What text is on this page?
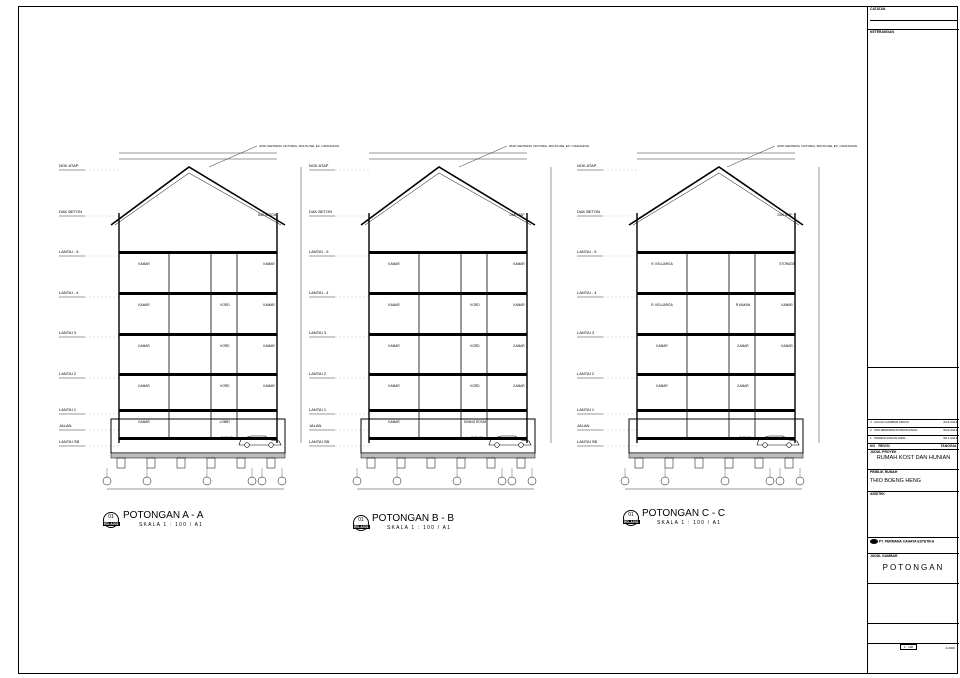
NOK ATAP
DAK BETON
LANTAI - 5
LANTAI - 4
LANTAI 3
LANTAI 2
LANTAI 1
JALAN
LANTAI SB
ATAP GENTENG VICTORIA, MULTILINE, EX. CISANGKAN
KAMAR	KAMAR
KAMAR	KORD	KAMAR
KAMAR	KORD	KAMAR
KAMAR	KORD	KAMAR
KAMAR	LOBBY
DAK BETON
PARKIR
NOK ATAP
DAK BETON
LANTAI - 5
LANTAI - 4
LANTAI 3
LANTAI 2
LANTAI 1
JALAN
LANTAI SB
ATAP GENTENG VICTORIA, MULTILINE, EX. CISANGKAN
KAMAR	KAMAR
KAMAR	KORD	KAMAR
KAMAR	KORD	KAMAR
KAMAR	KORD	KAMAR
KAMAR	DINING ROOM
DAK ATAP
PARKIR
NOK ATAP
DAK BETON
LANTAI - 5
LANTAI - 4
LANTAI 3
LANTAI 2
LANTAI 1
JALAN
LANTAI SB
ATAP GENTENG VICTORIA, MULTILINE, EX. CISANGKAN
R. KELUARGA	STORAGE
R. KELUARGA	R.MAKAN	KAMAR
KAMAR	KAMAR	KAMAR
KAMAR	KAMAR
DAK ATAP
PARKIR
01
RD-A301
POTONGAN A - A
SKALA 1 : 100 / A1
01
RD-A301
POTONGAN B - B
SKALA 1 : 100 / A1
01
RD-A301
POTONGAN C - C
SKALA 1 : 100 / A1
CATATAN
KETERANGAN
3 ACUAN GAMBAR KERJA	20-6-2014
2 IZIN MENDIRIKAN BANGUNAN	06-6-2013
1 PERENCANAAN AWAL	08-1-2013
NO REVISI	TANGGAL
JUDUL PROYEK
RUMAH KOST DAN HUNIAN
PEMILIK RUMAH
THIO BOENG HENG
ARSITEK
PT. PERMANA CAHAYA ESTETIKA
JUDUL GAMBAR
POTONGAN
1 : 100	A-0006
